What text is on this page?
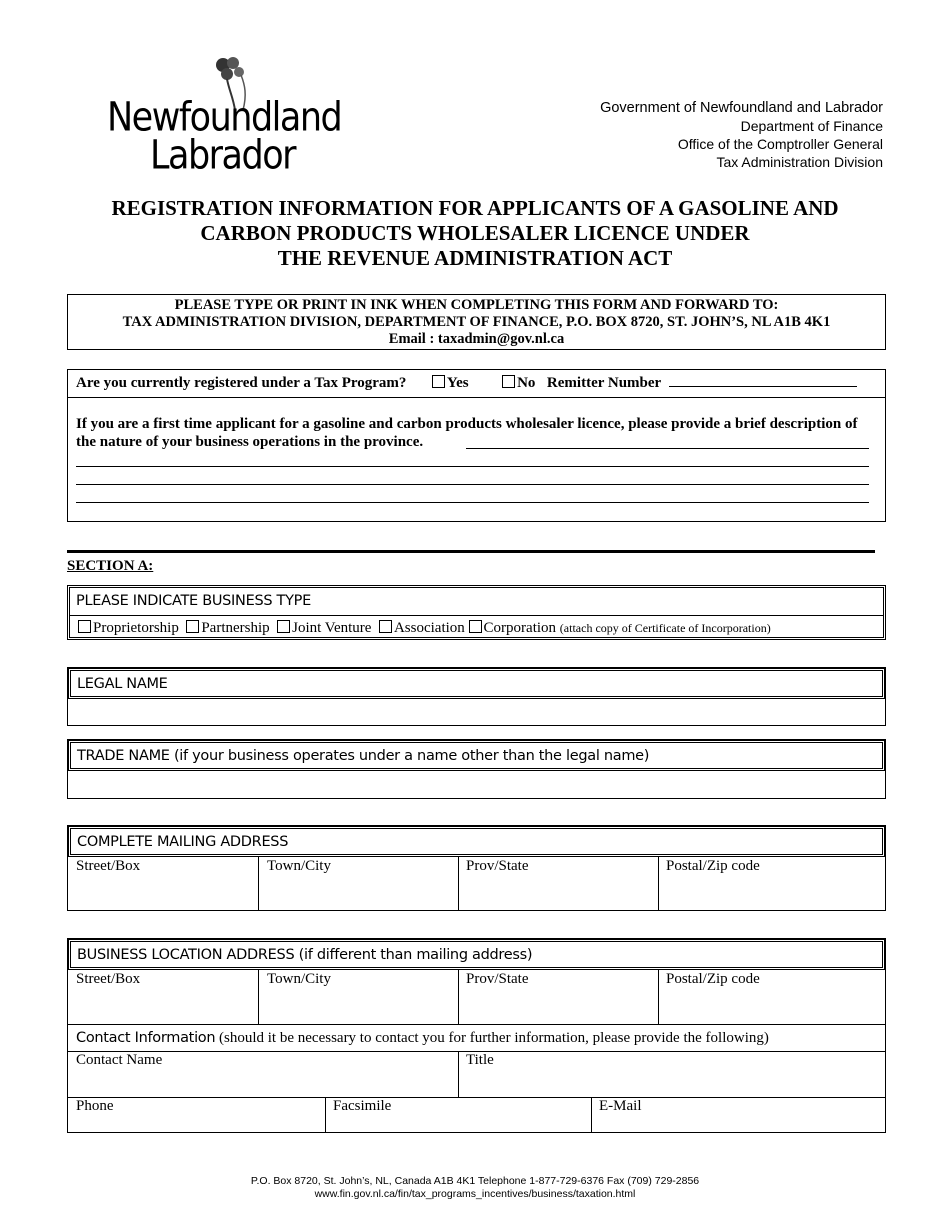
Newfoundland
Labrador
Government of Newfoundland and Labrador
Department of Finance
Office of the Comptroller General
Tax Administration Division
REGISTRATION INFORMATION FOR APPLICANTS OF A GASOLINE AND
CARBON PRODUCTS WHOLESALER LICENCE UNDER
THE REVENUE ADMINISTRATION ACT
PLEASE TYPE OR PRINT IN INK WHEN COMPLETING THIS FORM AND FORWARD TO:
TAX ADMINISTRATION DIVISION, DEPARTMENT OF FINANCE, P.O. BOX 8720, ST. JOHN’S, NL A1B 4K1
Email : taxadmin@gov.nl.ca
Are you currently registered under a Tax Program?	Yes	No Remitter Number
If you are a first time applicant for a gasoline and carbon products wholesaler licence, please provide a brief description of the nature of your business operations in the province.
SECTION A:
PLEASE INDICATE BUSINESS TYPE
Proprietorship Partnership Joint Venture Association Corporation (attach copy of Certificate of Incorporation)
LEGAL NAME
TRADE NAME (if your business operates under a name other than the legal name)
COMPLETE MAILING ADDRESS
Street/Box	Town/City	Prov/State	Postal/Zip code
BUSINESS LOCATION ADDRESS (if different than mailing address)
Street/Box	Town/City	Prov/State	Postal/Zip code
Contact Information (should it be necessary to contact you for further information, please provide the following)
Contact Name	Title
Phone	Facsimile	E-Mail
P.O. Box 8720, St. John’s, NL, Canada A1B 4K1 Telephone 1-877-729-6376 Fax (709) 729-2856
www.fin.gov.nl.ca/fin/tax_programs_incentives/business/taxation.html
